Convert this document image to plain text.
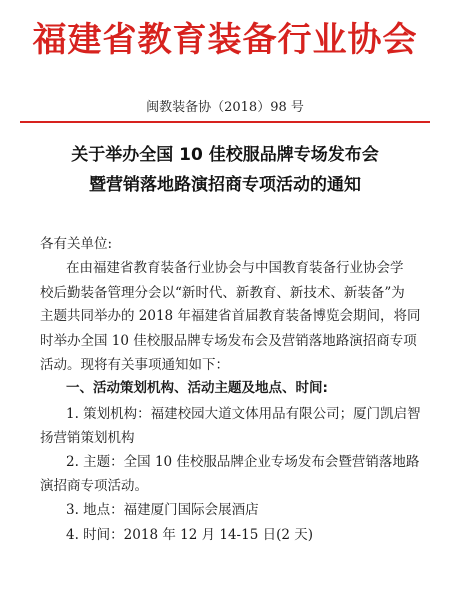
福建省教育装备行业协会
闽教装备协（2018）98 号
关于举办全国 10 佳校服品牌专场发布会
暨营销落地路演招商专项活动的通知
各有关单位:
在由福建省教育装备行业协会与中国教育装备行业协会学
校后勤装备管理分会以“新时代、新教育、新技术、新装备”为
主题共同举办的 2018 年福建省首届教育装备博览会期间，将同
时举办全国 10 佳校服品牌专场发布会及营销落地路演招商专项
活动。现将有关事项通知如下：
一、活动策划机构、活动主题及地点、时间:
1. 策划机构：福建校园大道文体用品有限公司；厦门凯启智
扬营销策划机构
2. 主题：全国 10 佳校服品牌企业专场发布会暨营销落地路
演招商专项活动。
3. 地点：福建厦门国际会展酒店
4. 时间：2018 年 12 月 14-15 日(2 天)
